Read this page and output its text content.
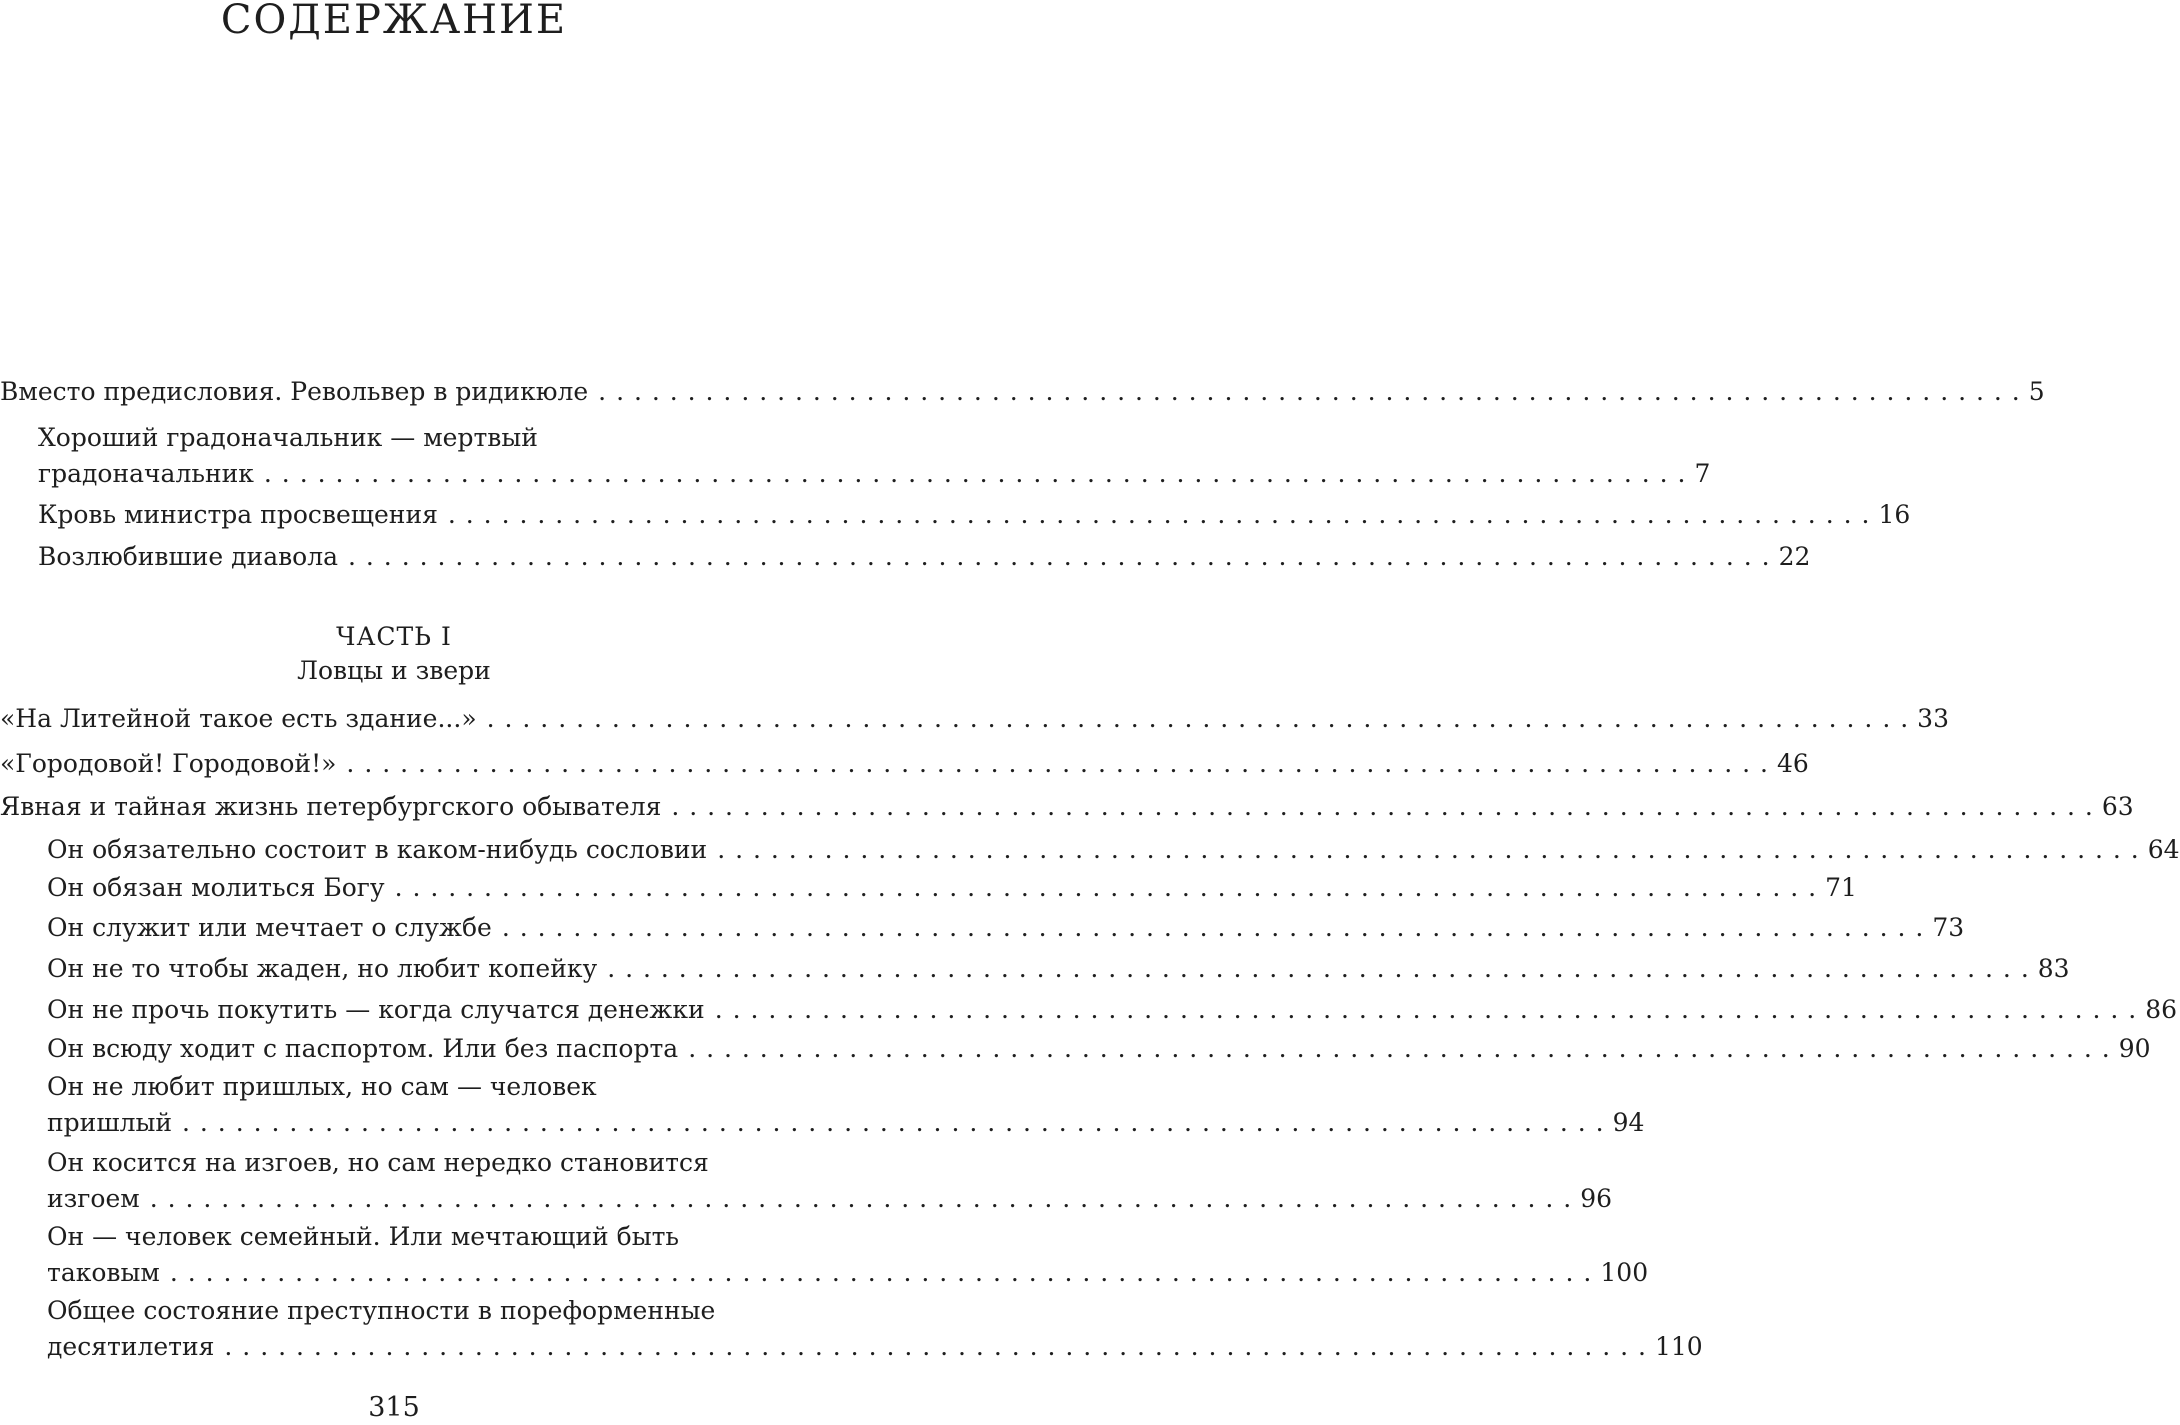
СОДЕРЖАНИЕ
Вместо предисловия. Револьвер в ридикюле . . . . . . . . . . . . . . . . . . . . . . . . . . . . . . . . . . . . . . . . . . . . . . . . . . . . . . . . . . . . . . . . . . . . . . . . . . . . . . . . 5
Хороший градоначальник — мертвый
градоначальник . . . . . . . . . . . . . . . . . . . . . . . . . . . . . . . . . . . . . . . . . . . . . . . . . . . . . . . . . . . . . . . . . . . . . . . . . . . . . . . . 7
Кровь министра просвещения . . . . . . . . . . . . . . . . . . . . . . . . . . . . . . . . . . . . . . . . . . . . . . . . . . . . . . . . . . . . . . . . . . . . . . . . . . . . . . . . 16
Возлюбившие диавола . . . . . . . . . . . . . . . . . . . . . . . . . . . . . . . . . . . . . . . . . . . . . . . . . . . . . . . . . . . . . . . . . . . . . . . . . . . . . . . . 22
ЧАСТЬ I
Ловцы и звери
«На Литейной такое есть здание...» . . . . . . . . . . . . . . . . . . . . . . . . . . . . . . . . . . . . . . . . . . . . . . . . . . . . . . . . . . . . . . . . . . . . . . . . . . . . . . . . 33
«Городовой! Городовой!» . . . . . . . . . . . . . . . . . . . . . . . . . . . . . . . . . . . . . . . . . . . . . . . . . . . . . . . . . . . . . . . . . . . . . . . . . . . . . . . . 46
Явная и тайная жизнь петербургского обывателя . . . . . . . . . . . . . . . . . . . . . . . . . . . . . . . . . . . . . . . . . . . . . . . . . . . . . . . . . . . . . . . . . . . . . . . . . . . . . . . . 63
Он обязательно состоит в каком-нибудь сословии . . . . . . . . . . . . . . . . . . . . . . . . . . . . . . . . . . . . . . . . . . . . . . . . . . . . . . . . . . . . . . . . . . . . . . . . . . . . . . . . 64
Он обязан молиться Богу . . . . . . . . . . . . . . . . . . . . . . . . . . . . . . . . . . . . . . . . . . . . . . . . . . . . . . . . . . . . . . . . . . . . . . . . . . . . . . . . 71
Он служит или мечтает о службе . . . . . . . . . . . . . . . . . . . . . . . . . . . . . . . . . . . . . . . . . . . . . . . . . . . . . . . . . . . . . . . . . . . . . . . . . . . . . . . . 73
Он не то чтобы жаден, но любит копейку . . . . . . . . . . . . . . . . . . . . . . . . . . . . . . . . . . . . . . . . . . . . . . . . . . . . . . . . . . . . . . . . . . . . . . . . . . . . . . . . 83
Он не прочь покутить — когда случатся денежки . . . . . . . . . . . . . . . . . . . . . . . . . . . . . . . . . . . . . . . . . . . . . . . . . . . . . . . . . . . . . . . . . . . . . . . . . . . . . . . . 86
Он всюду ходит с паспортом. Или без паспорта . . . . . . . . . . . . . . . . . . . . . . . . . . . . . . . . . . . . . . . . . . . . . . . . . . . . . . . . . . . . . . . . . . . . . . . . . . . . . . . . 90
Он не любит пришлых, но сам — человек
пришлый . . . . . . . . . . . . . . . . . . . . . . . . . . . . . . . . . . . . . . . . . . . . . . . . . . . . . . . . . . . . . . . . . . . . . . . . . . . . . . . . 94
Он косится на изгоев, но сам нередко становится
изгоем . . . . . . . . . . . . . . . . . . . . . . . . . . . . . . . . . . . . . . . . . . . . . . . . . . . . . . . . . . . . . . . . . . . . . . . . . . . . . . . . 96
Он — человек семейный. Или мечтающий быть
таковым . . . . . . . . . . . . . . . . . . . . . . . . . . . . . . . . . . . . . . . . . . . . . . . . . . . . . . . . . . . . . . . . . . . . . . . . . . . . . . . . 100
Общее состояние преступности в пореформенные
десятилетия . . . . . . . . . . . . . . . . . . . . . . . . . . . . . . . . . . . . . . . . . . . . . . . . . . . . . . . . . . . . . . . . . . . . . . . . . . . . . . . . 110
315
